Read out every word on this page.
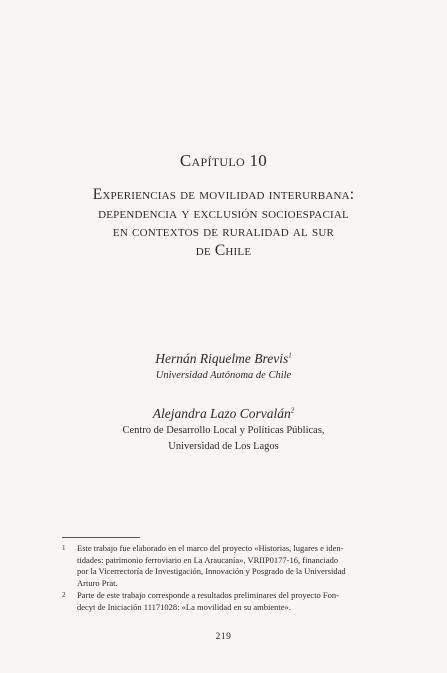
Capítulo 10
Experiencias de movilidad interurbana:
dependencia y exclusión socioespacial
en contextos de ruralidad al sur
de Chile
Hernán Riquelme Brevis$^1$
Universidad Autónoma de Chile
Alejandra Lazo Corvalán$^2$
Centro de Desarrollo Local y Políticas Públicas,
Universidad de Los Lagos
1	Este trabajo fue elaborado en el marco del proyecto «Historias, lugares e iden-
tidades: patrimonio ferroviario en La Araucanía», VRIIP0177-16, financiado
por la Vicerrectoría de Investigación, Innovación y Posgrado de la Universidad
Arturo Prat.
2	Parte de este trabajo corresponde a resultados preliminares del proyecto Fon-
decyt de Iniciación 11171028: «La movilidad en su ambiente».
219
